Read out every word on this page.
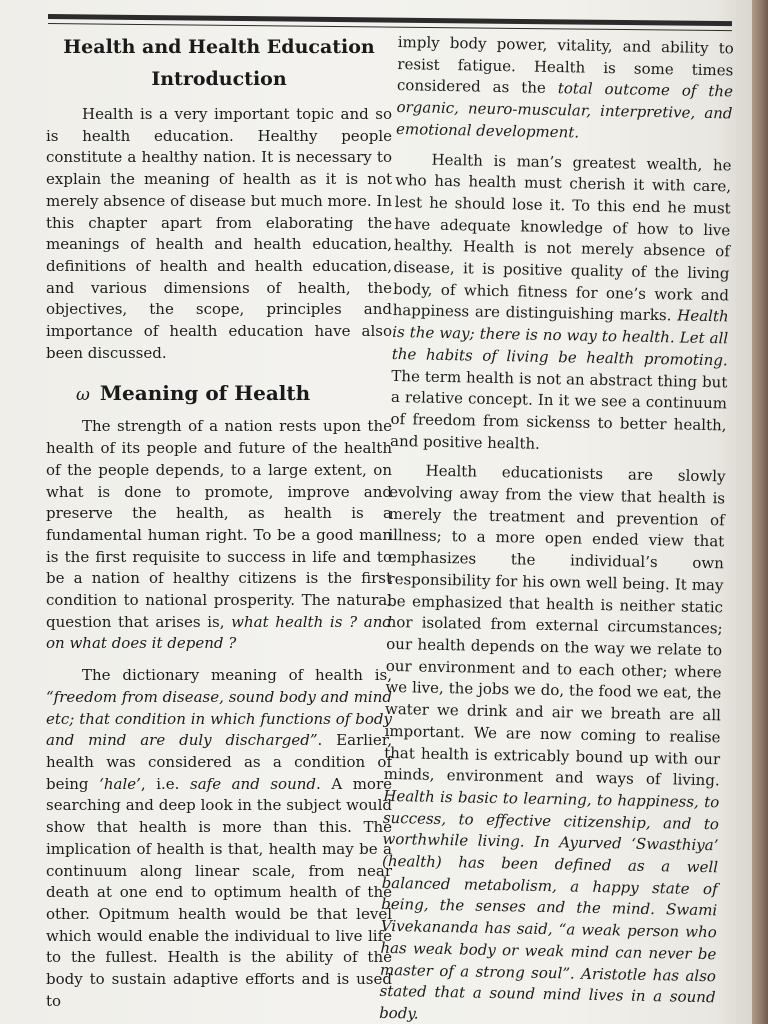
Health and Health Education
Introduction

Health is a very important topic and so is health education. Healthy people constitute a healthy nation. It is necessary to explain the meaning of health as it is not merely absence of disease but much more. In this chapter apart from elaborating the meanings of health and health education, definitions of health and health education, and various dimensions of health, the objectives, the scope, principles and importance of health education have also been discussed.

ω Meaning of Health

The strength of a nation rests upon the health of its people and future of the health of the people depends, to a large extent, on what is done to promote, improve and preserve the health, as health is a fundamental human right. To be a good man is the first requisite to success in life and to be a nation of healthy citizens is the first condition to national prosperity. The natural question that arises is, what health is ? and on what does it depend ?

The dictionary meaning of health is, “freedom from disease, sound body and mind etc; that condition in which functions of body and mind are duly discharged”. Earlier, health was considered as a condition of being ‘hale’, i.e. safe and sound. A more searching and deep look in the subject would show that health is more than this. The implication of health is that, health may be a continuum along linear scale, from near death at one end to optimum health of the other. Opitmum health would be that level which would enable the individual to live life to the fullest. Health is the ability of the body to sustain adaptive efforts and is used to

imply body power, vitality, and ability to resist fatigue. Health is some times considered as the total outcome of the organic, neuro-muscular, interpretive, and emotional development.

Health is man’s greatest wealth, he who has health must cherish it with care, lest he should lose it. To this end he must have adequate knowledge of how to live healthy. Health is not merely absence of disease, it is positive quality of the living body, of which fitness for one’s work and happiness are distinguishing marks. Health is the way; there is no way to health. Let all the habits of living be health promoting. The term health is not an abstract thing but a relative concept. In it we see a continuum of freedom from sickenss to better health, and positive health.

Health educationists are slowly evolving away from the view that health is merely the treatment and prevention of illness; to a more open ended view that emphasizes the individual’s own responsibility for his own well being. It may be emphasized that health is neither static nor isolated from external circumstances; our health depends on the way we relate to our environment and to each other; where we live, the jobs we do, the food we eat, the water we drink and air we breath are all important. We are now coming to realise that health is extricably bound up with our minds, environment and ways of living. Health is basic to learning, to happiness, to success, to effective citizenship, and to worthwhile living. In Ayurved ‘Swasthiya’ (health) has been defined as a well balanced metabolism, a happy state of being, the senses and the mind. Swami Vivekananda has said, “a weak person who has weak body or weak mind can never be master of a strong soul”. Aristotle has also stated that a sound mind lives in a sound body.
